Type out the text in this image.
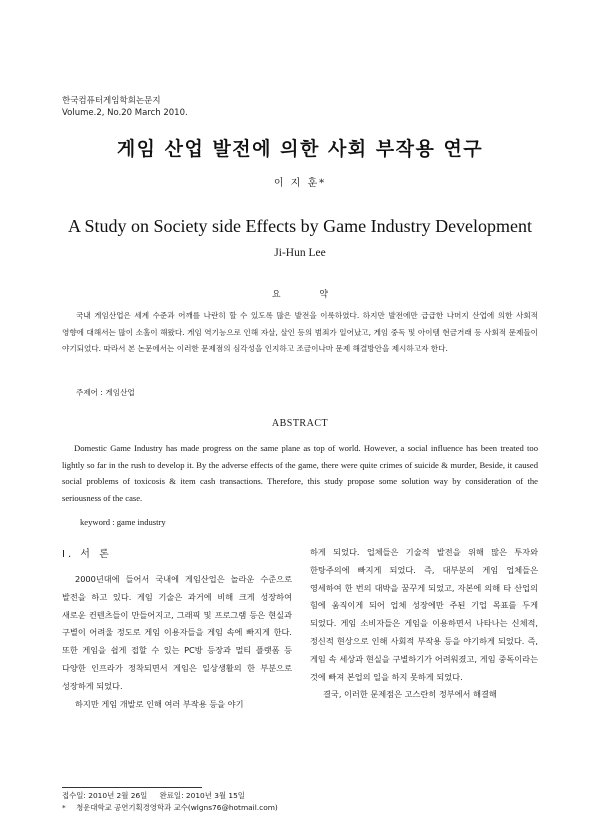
한국컴퓨터게임학회논문지
Volume.2, No.20 March 2010.
게임 산업 발전에 의한 사회 부작용 연구
이 지 훈*
A Study on Society side Effects by Game Industry Development
Ji-Hun Lee
요 약

국내 게임산업은 세계 수준과 어깨를 나란히 할 수 있도록 많은 발전을 이룩하였다. 하지만 발전에만 급급한 나머지 산업에 의한 사회적 영향에 대해서는 많이 소홀이 해왔다. 게임 역기능으로 인해 자살, 살인 등의 범죄가 일어났고, 게임 중독 및 아이템 현금거래 등 사회적 문제들이 야기되었다. 따라서 본 논문에서는 이러한 문제점의 심각성을 인지하고 조금이나마 문제 해결방안을 제시하고자 한다.

주제어 : 게임산업
ABSTRACT

Domestic Game Industry has made progress on the same plane as top of world. However, a social influence has been treated too lightly so far in the rush to develop it. By the adverse effects of the game, there were quite crimes of suicide & murder, Beside, it caused social problems of toxicosis & item cash transactions. Therefore, this study propose some solution way by consideration of the seriousness of the case.

keyword : game industry
Ⅰ. 서 론

2000년대에 들어서 국내에 게임산업은 놀라운 수준으로 발전을 하고 있다. 게임 기술은 과거에 비해 크게 성장하여 새로운 컨텐츠들이 만들어지고, 그래픽 및 프로그램 등은 현실과 구별이 어려울 정도로 게임 이용자들을 게임 속에 빠지게 한다. 또한 게임을 쉽게 접할 수 있는 PC방 등장과 멀티 플랫폼 등 다양한 인프라가 정착되면서 게임은 일상생활의 한 부분으로 성장하게 되었다.

하지만 게임 개발로 인해 여러 부작용 등을 야기

하게 되었다. 업체들은 기술적 발전을 위해 많은 투자와 한탕주의에 빠지게 되었다. 즉, 대부분의 게임 업체들은 영세하여 한 번의 대박을 꿈꾸게 되었고, 자본에 의해 타 산업의 힘에 움직이게 되어 업체 성장에만 주된 기업 목표를 두게 되었다. 게임 소비자들은 게임을 이용하면서 나타나는 신체적, 정신적 현상으로 인해 사회적 부작용 등을 야기하게 되었다. 즉, 게임 속 세상과 현실을 구별하기가 어려워졌고, 게임 중독이라는 것에 빠져 본업의 일을 하지 못하게 되었다.

결국, 이러한 문제점은 고스란히 정부에서 해결해

접수일: 2010년 2월 26일 완료일: 2010년 3월 15일
* 청운대학교 공연기획경영학과 교수(wlgns76@hotmail.com)
